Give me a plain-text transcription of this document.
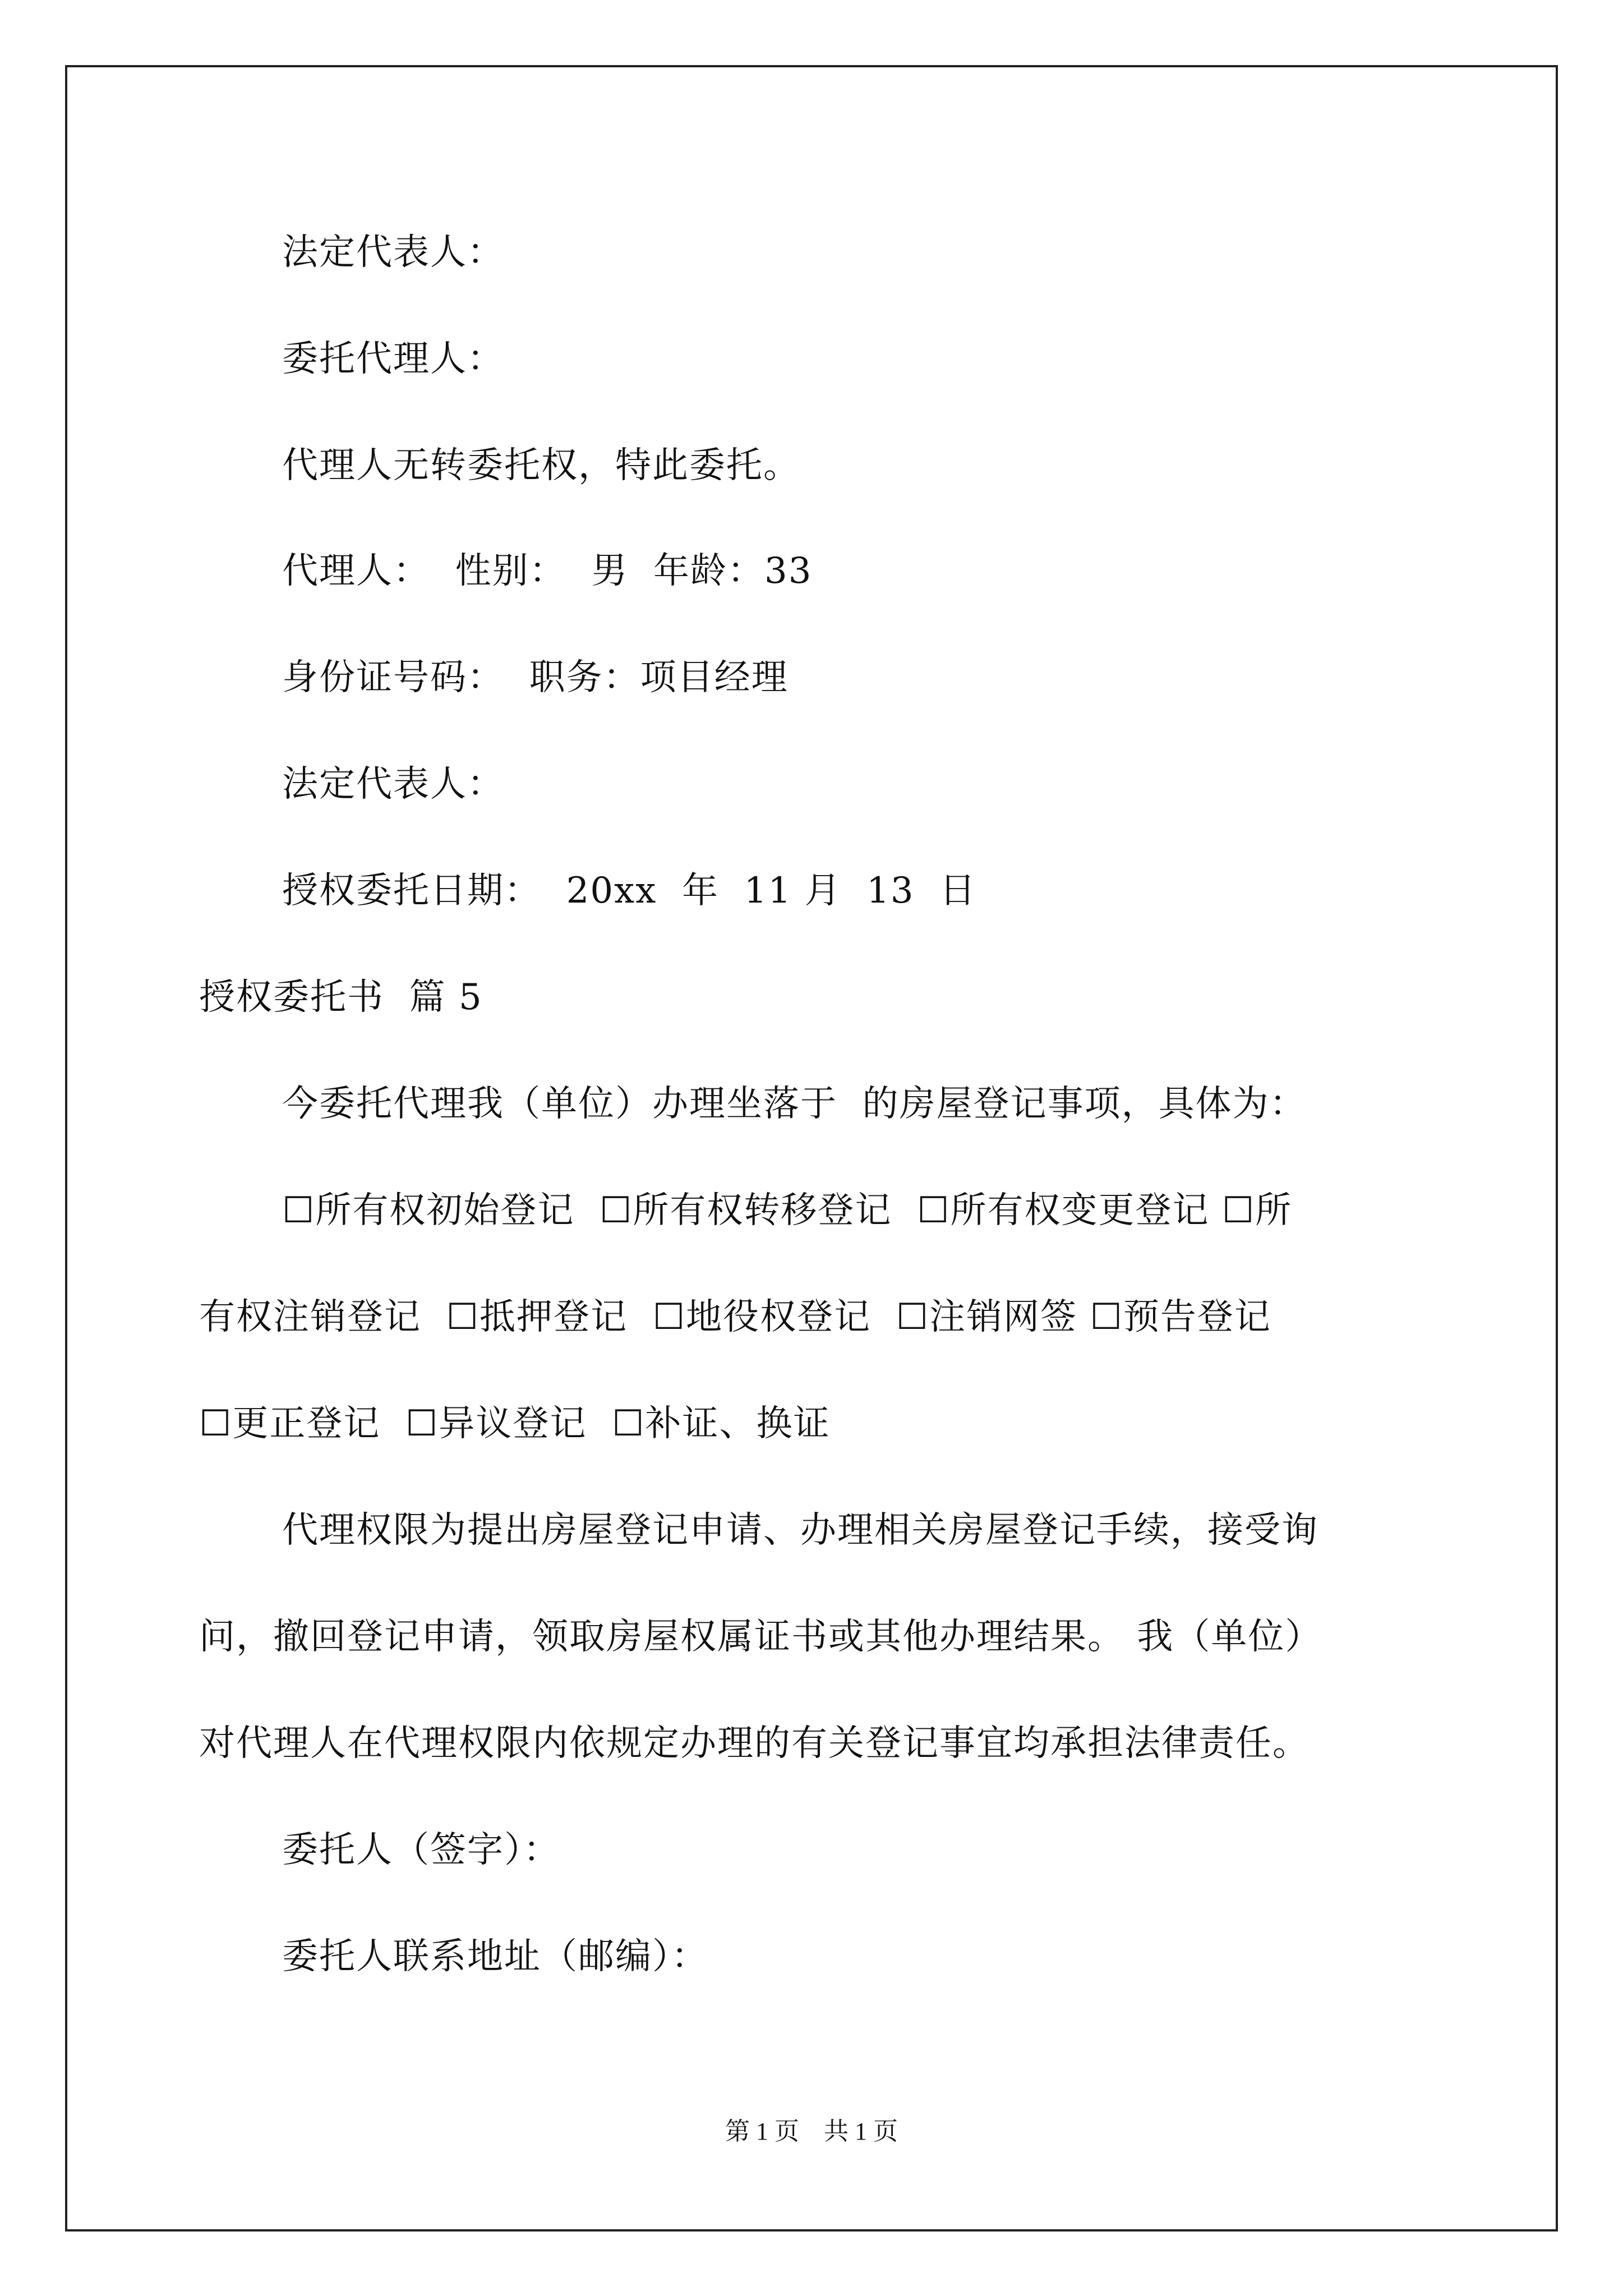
法定代表人：
委托代理人：
代理人无转委托权，特此委托。
代理人：  性别：  男  年龄：33
身份证号码：  职务：项目经理
法定代表人：
授权委托日期：  20xx  年  11 月  13  日
授权委托书  篇 5
今委托代理我（单位）办理坐落于  的房屋登记事项，具体为：
☐所有权初始登记  ☐所有权转移登记  ☐所有权变更登记 ☐所
有权注销登记  ☐抵押登记  ☐地役权登记  ☐注销网签 ☐预告登记
☐更正登记  ☐异议登记  ☐补证、换证
代理权限为提出房屋登记申请、办理相关房屋登记手续，接受询
问，撤回登记申请，领取房屋权属证书或其他办理结果。 我（单位）
对代理人在代理权限内依规定办理的有关登记事宜均承担法律责任。
委托人（签字）：
委托人联系地址（邮编）：
第 1 页    共 1 页
